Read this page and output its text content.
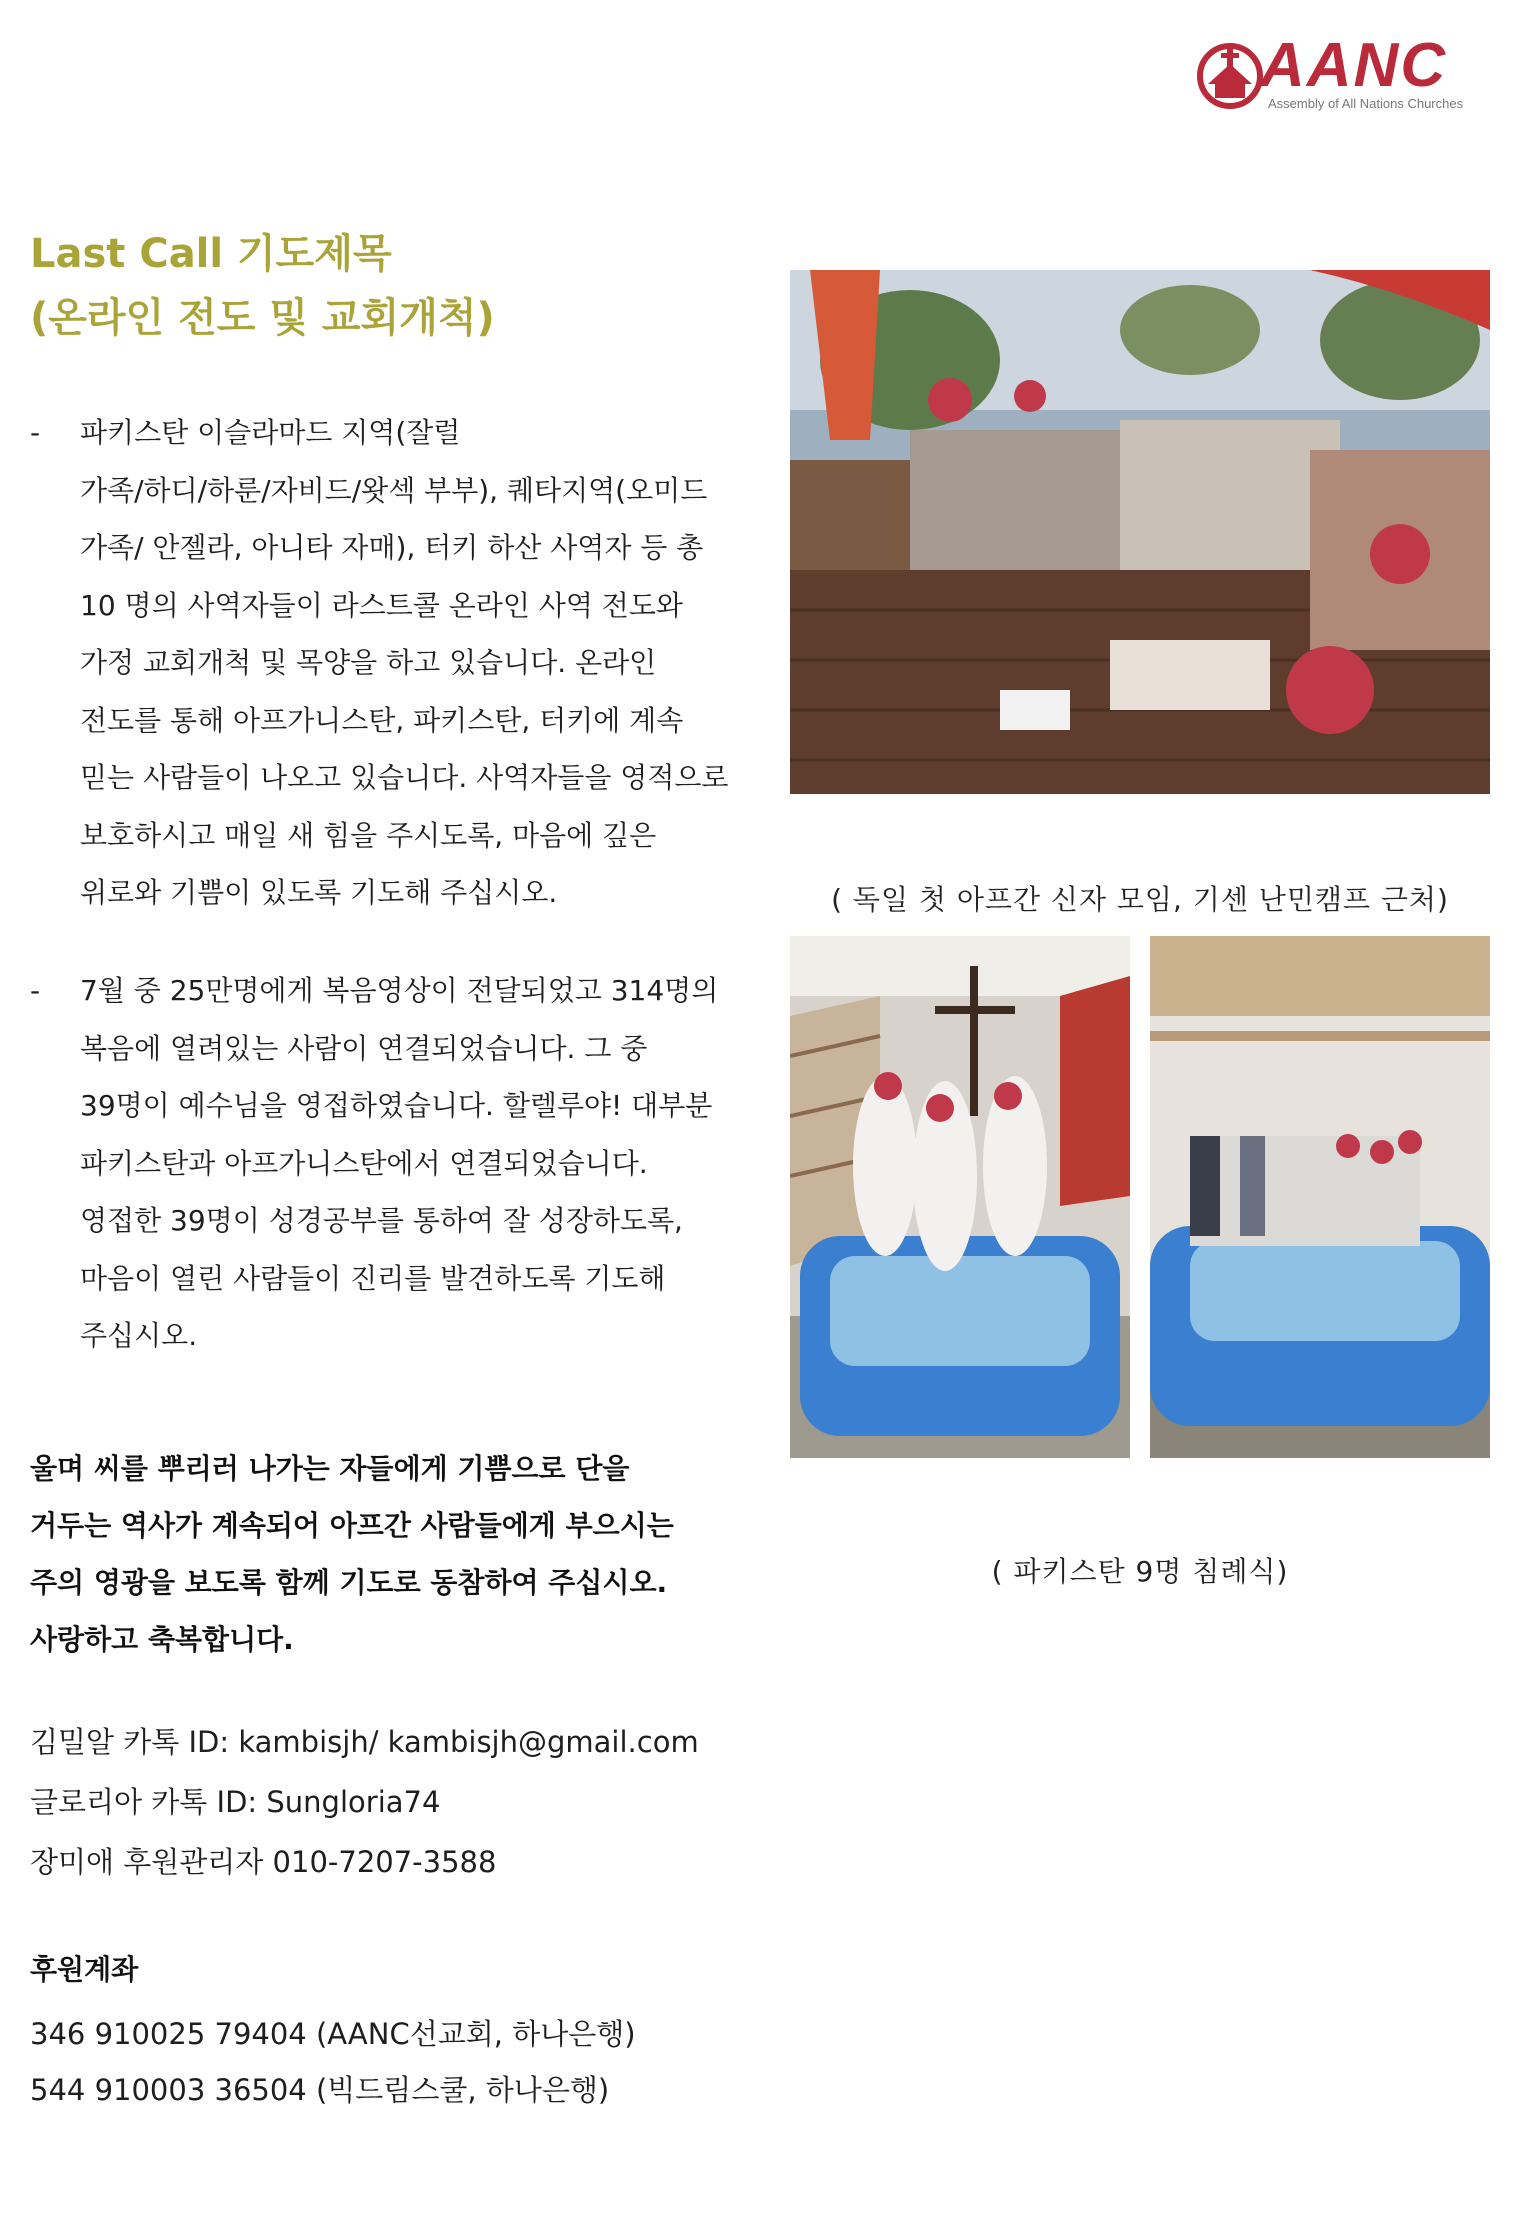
AANC
Assembly of All Nations Churches
Last Call 기도제목
(온라인 전도 및 교회개척)
- 파키스탄 이슬라마드 지역(잘럴
가족/하디/하룬/자비드/왓섹 부부), 퀘타지역(오미드
가족/ 안젤라, 아니타 자매), 터키 하산 사역자 등 총
10 명의 사역자들이 라스트콜 온라인 사역 전도와
가정 교회개척 및 목양을 하고 있습니다. 온라인
전도를 통해 아프가니스탄, 파키스탄, 터키에 계속
믿는 사람들이 나오고 있습니다. 사역자들을 영적으로
보호하시고 매일 새 힘을 주시도록, 마음에 깊은
위로와 기쁨이 있도록 기도해 주십시오.
- 7월 중 25만명에게 복음영상이 전달되었고 314명의
복음에 열려있는 사람이 연결되었습니다. 그 중
39명이 예수님을 영접하였습니다. 할렐루야! 대부분
파키스탄과 아프가니스탄에서 연결되었습니다.
영접한 39명이 성경공부를 통하여 잘 성장하도록,
마음이 열린 사람들이 진리를 발견하도록 기도해
주십시오.
울며 씨를 뿌리러 나가는 자들에게 기쁨으로 단을
거두는 역사가 계속되어 아프간 사람들에게 부으시는
주의 영광을 보도록 함께 기도로 동참하여 주십시오.
사랑하고 축복합니다.
김밀알 카톡 ID: kambisjh/ kambisjh@gmail.com
글로리아 카톡 ID: Sungloria74
장미애 후원관리자 010-7207-3588
후원계좌
346 910025 79404 (AANC선교회, 하나은행)
544 910003 36504 (빅드림스쿨, 하나은행)
( 독일 첫 아프간 신자 모임, 기센 난민캠프 근처)
( 파키스탄 9명 침례식)
